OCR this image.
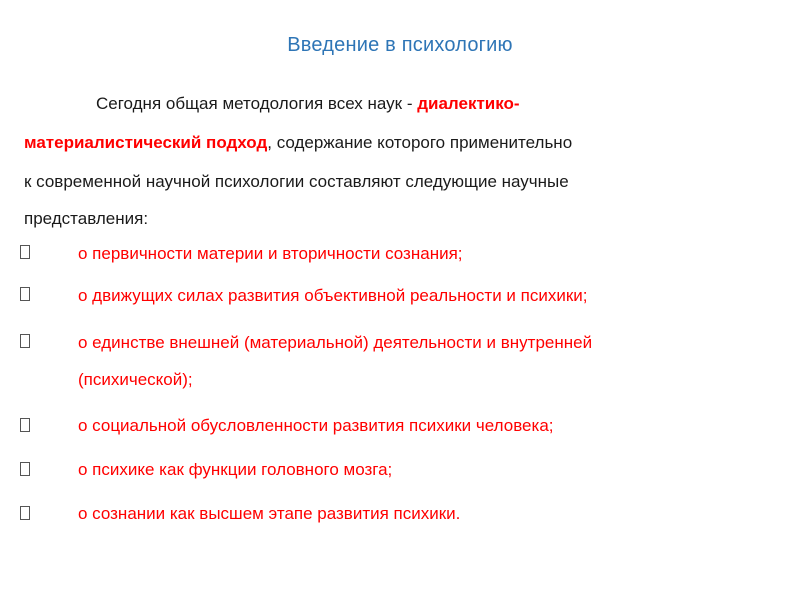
Введение в психологию
Сегодня общая методология всех наук - диалектико-
материалистический подход, содержание которого применительно
к современной научной психологии составляют следующие научные
представления:
о первичности материи и вторичности сознания;
о движущих силах развития объективной реальности и психики;
о единстве внешней (материальной) деятельности и внутренней
(психической);
о социальной обусловленности развития психики человека;
о психике как функции головного мозга;
о сознании как высшем этапе развития психики.
